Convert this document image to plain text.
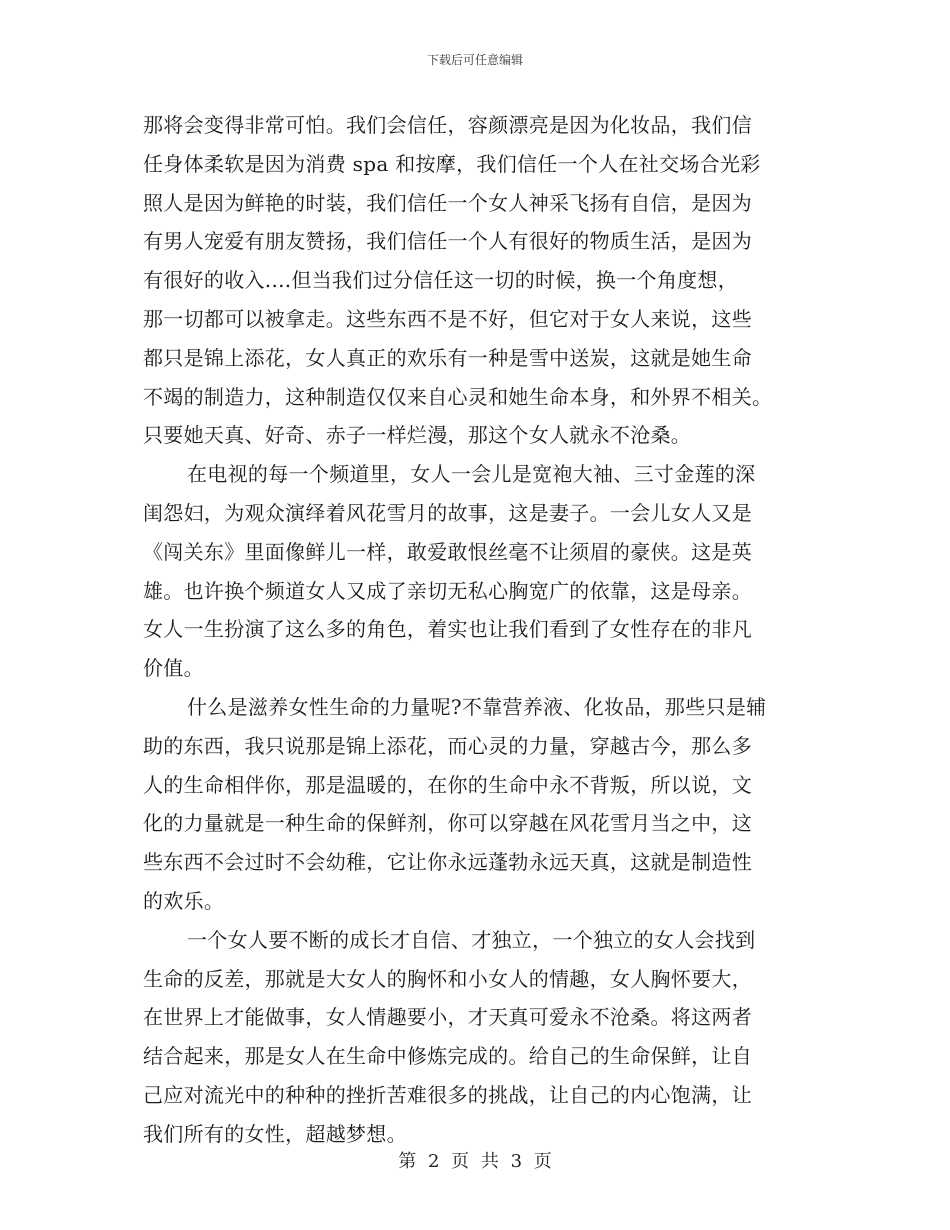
下载后可任意编辑
那将会变得非常可怕。我们会信任，容颜漂亮是因为化妆品，我们信
任身体柔软是因为消费 spa 和按摩，我们信任一个人在社交场合光彩
照人是因为鲜艳的时装，我们信任一个女人神采飞扬有自信，是因为
有男人宠爱有朋友赞扬，我们信任一个人有很好的物质生活，是因为
有很好的收入....但当我们过分信任这一切的时候，换一个角度想，
那一切都可以被拿走。这些东西不是不好，但它对于女人来说，这些
都只是锦上添花，女人真正的欢乐有一种是雪中送炭，这就是她生命
不竭的制造力，这种制造仅仅来自心灵和她生命本身，和外界不相关。
只要她天真、好奇、赤子一样烂漫，那这个女人就永不沧桑。
在电视的每一个频道里，女人一会儿是宽袍大袖、三寸金莲的深
闺怨妇，为观众演绎着风花雪月的故事，这是妻子。一会儿女人又是
《闯关东》里面像鲜儿一样，敢爱敢恨丝毫不让须眉的豪侠。这是英
雄。也许换个频道女人又成了亲切无私心胸宽广的依靠，这是母亲。
女人一生扮演了这么多的角色，着实也让我们看到了女性存在的非凡
价值。
什么是滋养女性生命的力量呢?不靠营养液、化妆品，那些只是辅
助的东西，我只说那是锦上添花，而心灵的力量，穿越古今，那么多
人的生命相伴你，那是温暖的，在你的生命中永不背叛，所以说，文
化的力量就是一种生命的保鲜剂，你可以穿越在风花雪月当之中，这
些东西不会过时不会幼稚，它让你永远蓬勃永远天真，这就是制造性
的欢乐。
一个女人要不断的成长才自信、才独立，一个独立的女人会找到
生命的反差，那就是大女人的胸怀和小女人的情趣，女人胸怀要大，
在世界上才能做事，女人情趣要小，才天真可爱永不沧桑。将这两者
结合起来，那是女人在生命中修炼完成的。给自己的生命保鲜，让自
己应对流光中的种种的挫折苦难很多的挑战，让自己的内心饱满，让
我们所有的女性，超越梦想。
第 2 页 共 3 页
